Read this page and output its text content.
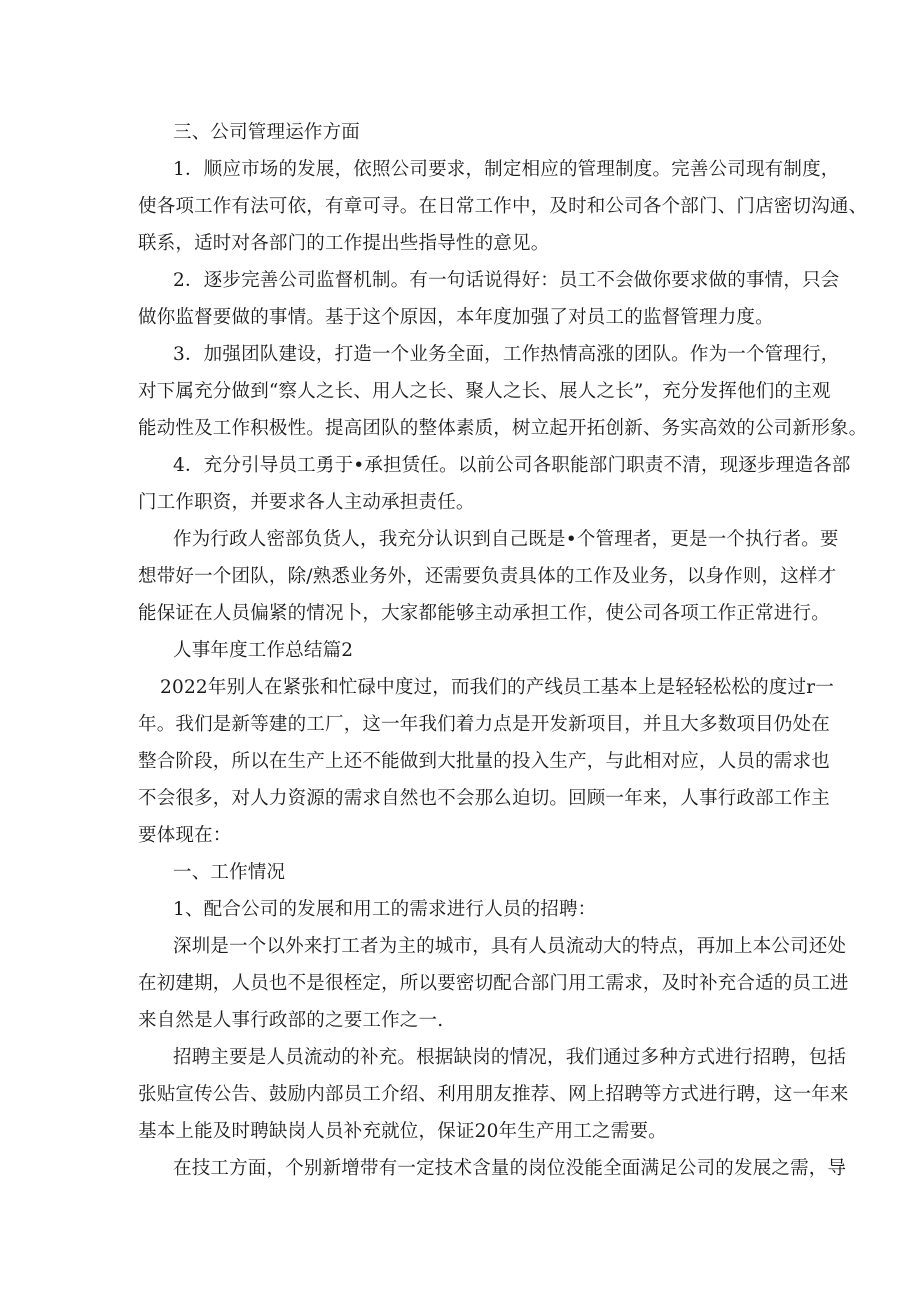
三、公司管理运作方面
1．顺应市场的发展，依照公司要求，制定相应的管理制度。完善公司现有制度，
使各项工作有法可依，有章可寻。在日常工作中，及时和公司各个部门、门店密切沟通、
联系，适时对各部门的工作提出些指导性的意见。
2．逐步完善公司监督机制。有一句话说得好：员工不会做你要求做的事情，只会
做你监督要做的事情。基于这个原因，本年度加强了对员工的监督管理力度。
3．加强团队建设，打造一个业务全面，工作热情高涨的团队。作为一个管理行，
对下属充分做到“察人之长、用人之长、聚人之长、展人之长”，充分发挥他们的主观
能动性及工作积极性。提高团队的整体素质，树立起开拓创新、务实高效的公司新形象。
4．充分引导员工勇于•承担赁任。以前公司各职能部门职责不清，现逐步理造各部
门工作职资，并要求各人主动承担责任。
作为行政人密部负货人，我充分认识到自己既是•个管理者，更是一个执行者。要
想带好一个团队，除/熟悉业务外，还需要负责具体的工作及业务，以身作则，这样才
能保证在人员偏紧的情况卜，大家都能够主动承担工作，使公司各项工作正常进行。
人事年度工作总结篇2
2022年别人在紧张和忙碌中度过，而我们的产线员工基本上是轻轻松松的度过r一
年。我们是新等建的工厂，这一年我们着力点是开发新项目，并且大多数项目仍处在
整合阶段，所以在生产上还不能做到大批量的投入生产，与此相对应，人员的需求也
不会很多，对人力资源的需求自然也不会那么迫切。回顾一年来，人事行政部工作主
要体现在：
一、工作情况
1、配合公司的发展和用工的需求进行人员的招聘：
深圳是一个以外来打工者为主的城市，具有人员流动大的特点，再加上本公司还处
在初建期，人员也不是很桎定，所以要密切配合部门用工需求，及时补充合适的员工进
来自然是人事行政部的之要工作之一.
招聘主要是人员流动的补充。根据缺岗的情况，我们通过多种方式进行招聘，包括
张贴宣传公告、鼓励内部员工介绍、利用朋友推荐、网上招聘等方式进行聘，这一年来
基本上能及时聘缺岗人员补充就位，保证20年生产用工之需要。
在技工方面，个别新增带有一定技术含量的岗位没能全面满足公司的发展之需，导
